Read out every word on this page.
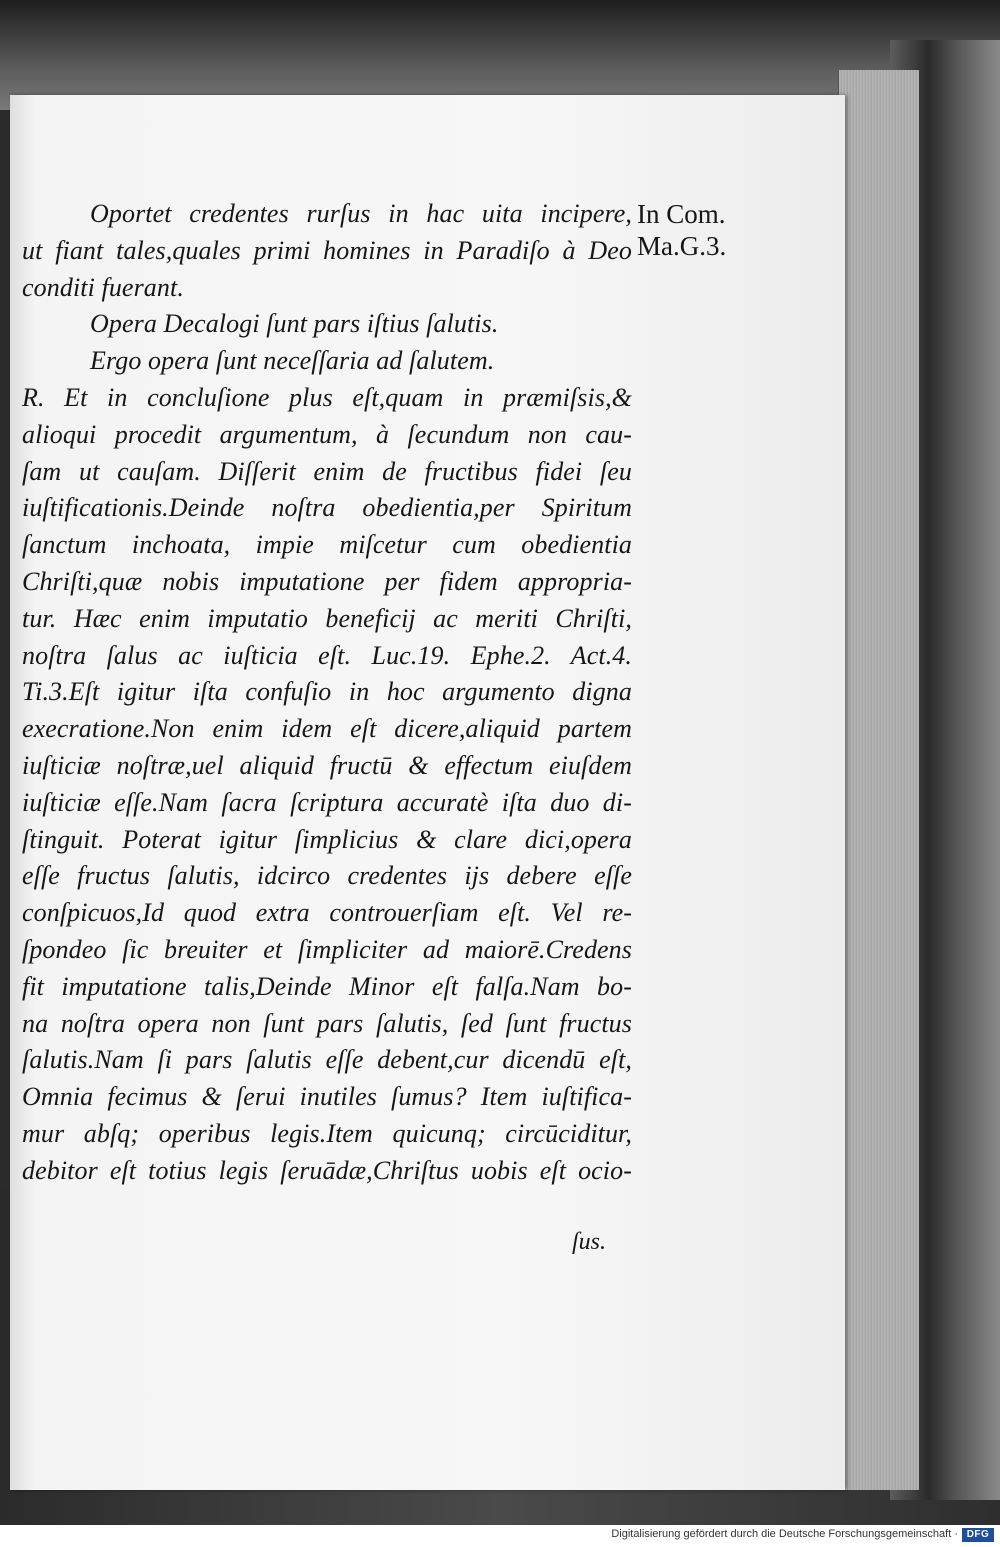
Oportet credentes rurſus in hac uita incipere,
ut fiant tales,quales primi homines in Paradiſo à Deo
conditi fuerant.
Opera Decalogi ſunt pars iſtius ſalutis.
Ergo opera ſunt neceſſaria ad ſalutem.
R. Et in concluſione plus eſt,quam in præmiſsis,&
alioqui procedit argumentum, à ſecundum non cau-
ſam ut cauſam. Diſſerit enim de fructibus fidei ſeu
iuſtificationis.Deinde noſtra obedientia,per Spiritum
ſanctum inchoata, impie miſcetur cum obedientia
Chriſti,quæ nobis imputatione per fidem appropria-
tur. Hæc enim imputatio beneficij ac meriti Chriſti,
noſtra ſalus ac iuſticia eſt. Luc.19. Ephe.2. Act.4.
Ti.3.Eſt igitur iſta confuſio in hoc argumento digna
execratione.Non enim idem eſt dicere,aliquid partem
iuſticiæ noſtræ,uel aliquid fructū & effectum eiuſdem
iuſticiæ eſſe.Nam ſacra ſcriptura accuratè iſta duo di-
ſtinguit. Poterat igitur ſimplicius & clare dici,opera
eſſe fructus ſalutis, idcirco credentes ijs debere eſſe
conſpicuos,Id quod extra controuerſiam eſt. Vel re-
ſpondeo ſic breuiter et ſimpliciter ad maiorē.Credens
fit imputatione talis,Deinde Minor eſt falſa.Nam bo-
na noſtra opera non ſunt pars ſalutis, ſed ſunt fructus
ſalutis.Nam ſi pars ſalutis eſſe debent,cur dicendū eſt,
Omnia fecimus & ſerui inutiles ſumus? Item iuſtifica-
mur abſq; operibus legis.Item quicunq; circūciditur,
debitor eſt totius legis ſeruādæ,Chriſtus uobis eſt ocio-
ſus.
In Com.
Ma.G.3.
Digitalisierung gefördert durch die Deutsche Forschungsgemeinschaft · DFG
